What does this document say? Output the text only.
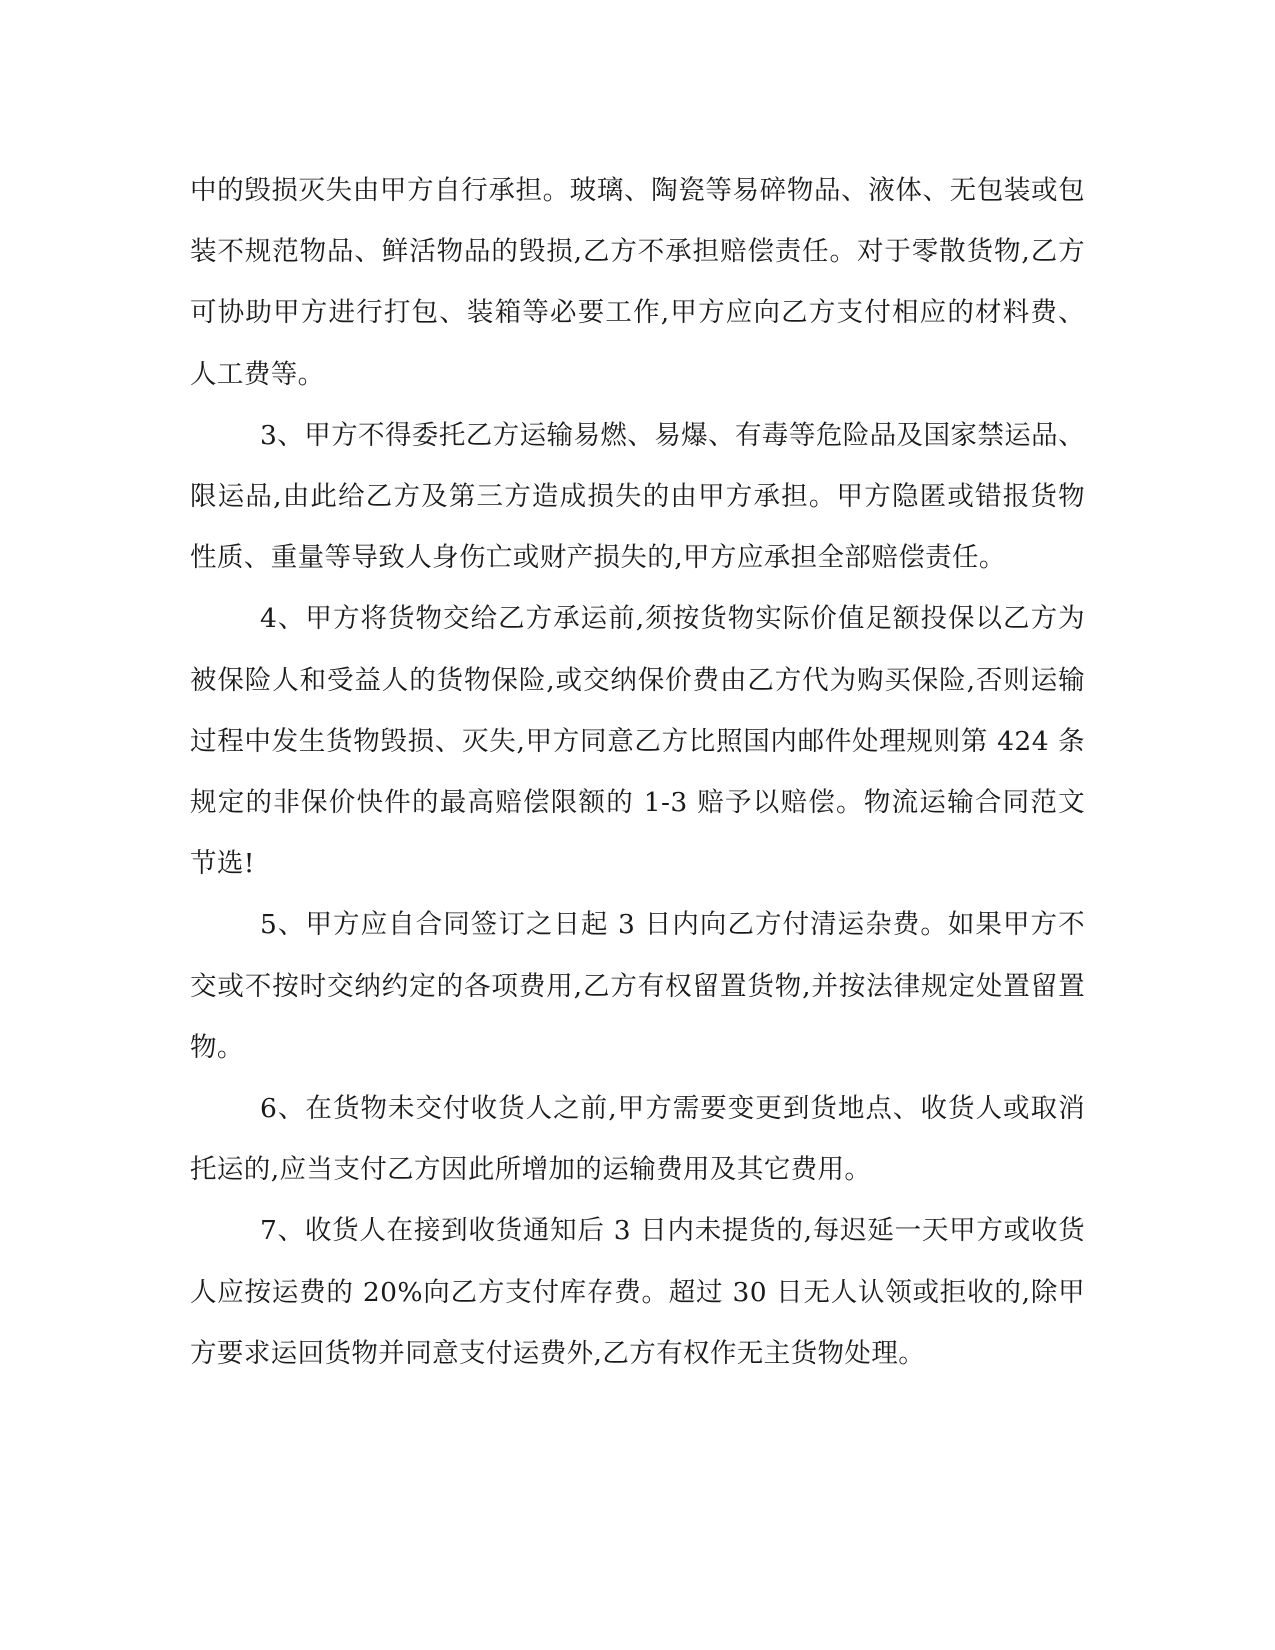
中的毁损灭失由甲方自行承担。玻璃、陶瓷等易碎物品、液体、无包装或包装不规范物品、鲜活物品的毁损,乙方不承担赔偿责任。对于零散货物,乙方可协助甲方进行打包、装箱等必要工作,甲方应向乙方支付相应的材料费、人工费等。

3、甲方不得委托乙方运输易燃、易爆、有毒等危险品及国家禁运品、限运品,由此给乙方及第三方造成损失的由甲方承担。甲方隐匿或错报货物性质、重量等导致人身伤亡或财产损失的,甲方应承担全部赔偿责任。

4、甲方将货物交给乙方承运前,须按货物实际价值足额投保以乙方为被保险人和受益人的货物保险,或交纳保价费由乙方代为购买保险,否则运输过程中发生货物毁损、灭失,甲方同意乙方比照国内邮件处理规则第 424 条规定的非保价快件的最高赔偿限额的 1-3 赔予以赔偿。物流运输合同范文节选!

5、甲方应自合同签订之日起 3 日内向乙方付清运杂费。如果甲方不交或不按时交纳约定的各项费用,乙方有权留置货物,并按法律规定处置留置物。

6、在货物未交付收货人之前,甲方需要变更到货地点、收货人或取消托运的,应当支付乙方因此所增加的运输费用及其它费用。

7、收货人在接到收货通知后 3 日内未提货的,每迟延一天甲方或收货人应按运费的 20%向乙方支付库存费。超过 30 日无人认领或拒收的,除甲方要求运回货物并同意支付运费外,乙方有权作无主货物处理。
